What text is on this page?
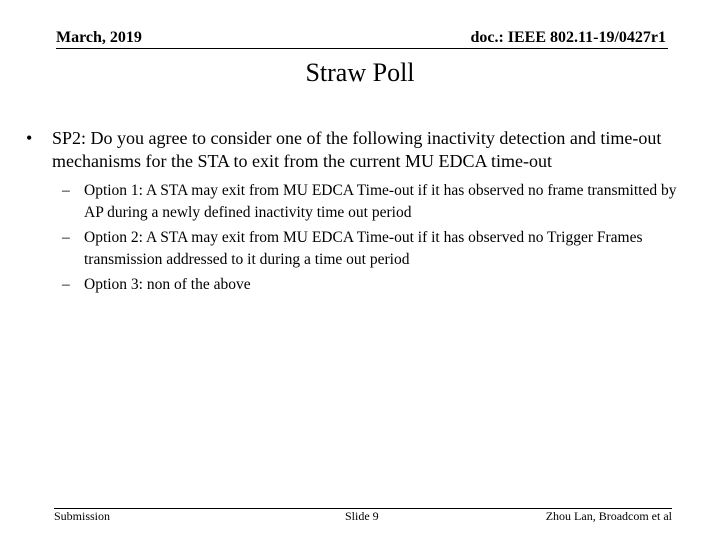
March, 2019	doc.: IEEE 802.11-19/0427r1
Straw Poll
• SP2: Do you agree to consider one of the following inactivity detection and time-out mechanisms for the STA to exit from the current MU EDCA time-out
– Option 1: A STA may exit from MU EDCA Time-out if it has observed no frame transmitted by AP during a newly defined inactivity time out period
– Option 2: A STA may exit from MU EDCA Time-out if it has observed no Trigger Frames transmission addressed to it during a time out period
– Option 3: non of the above
Submission	Slide 9	Zhou Lan, Broadcom et al
